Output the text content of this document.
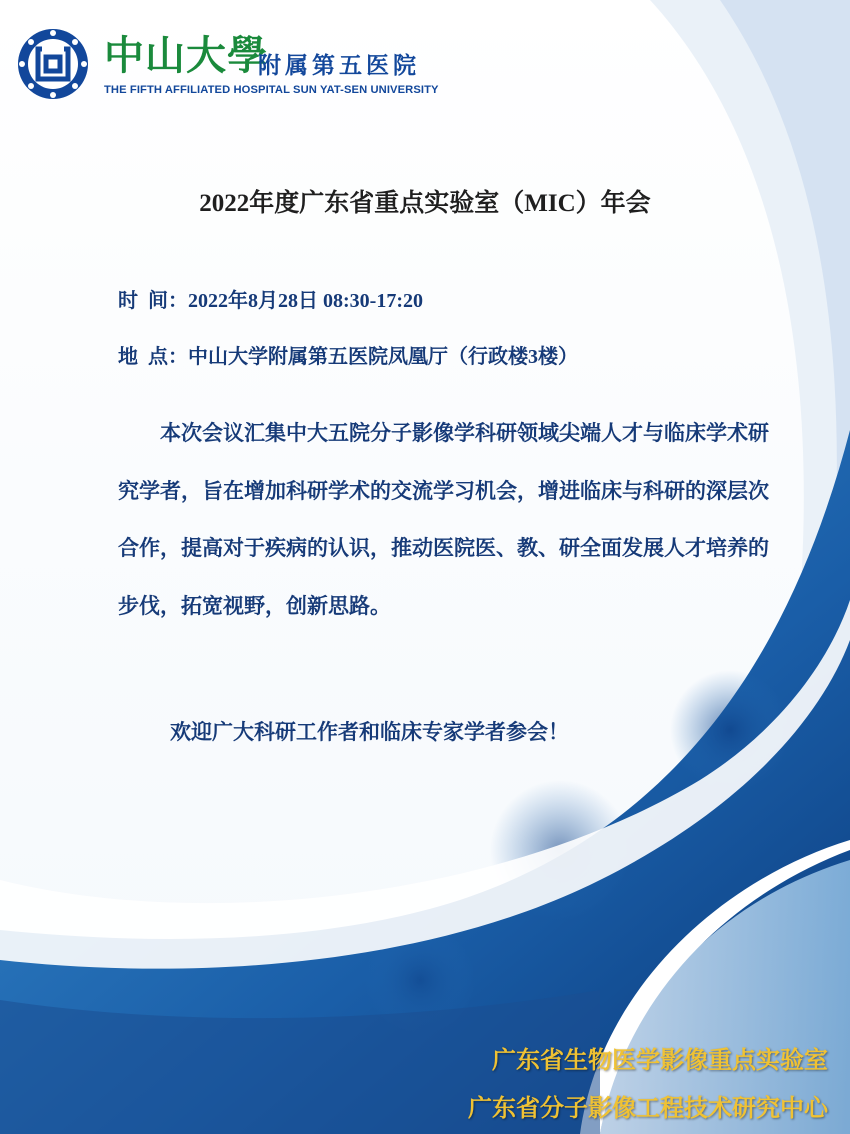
中山大學
附属第五医院
THE FIFTH AFFILIATED HOSPITAL SUN YAT-SEN UNIVERSITY
2022年度广东省重点实验室（MIC）年会
时  间：2022年8月28日 08:30-17:20
地  点：中山大学附属第五医院凤凰厅（行政楼3楼）

本次会议汇集中大五院分子影像学科研领域尖端人才与临床学术研究学者，旨在增加科研学术的交流学习机会，增进临床与科研的深层次合作，提高对于疾病的认识，推动医院医、教、研全面发展人才培养的步伐，拓宽视野，创新思路。

欢迎广大科研工作者和临床专家学者参会！
广东省生物医学影像重点实验室
广东省分子影像工程技术研究中心
